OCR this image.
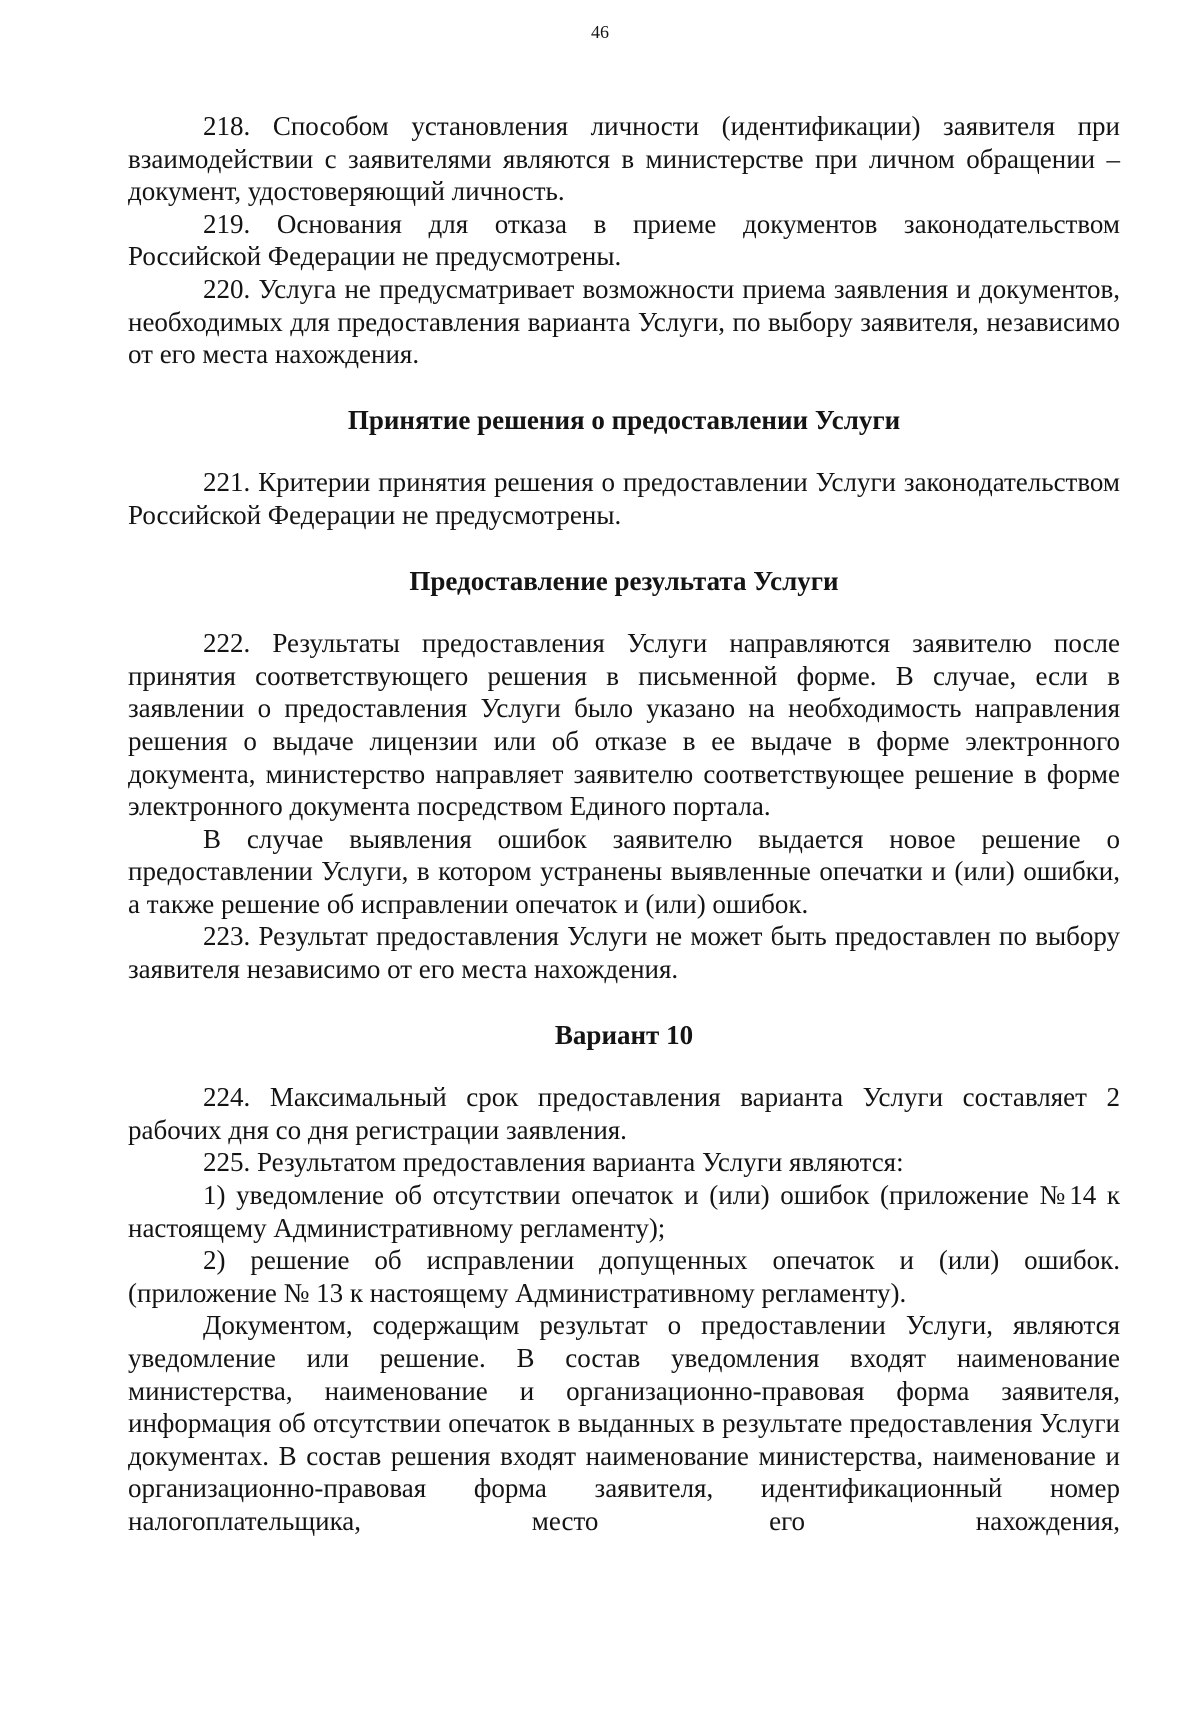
46

218. Способом установления личности (идентификации) заявителя при взаимодействии с заявителями являются в министерстве при личном обращении – документ, удостоверяющий личность.

219. Основания для отказа в приеме документов законодательством Российской Федерации не предусмотрены.

220. Услуга не предусматривает возможности приема заявления и документов, необходимых для предоставления варианта Услуги, по выбору заявителя, независимо от его места нахождения.

Принятие решения о предоставлении Услуги

221. Критерии принятия решения о предоставлении Услуги законодательством Российской Федерации не предусмотрены.

Предоставление результата Услуги

222. Результаты предоставления Услуги направляются заявителю после принятия соответствующего решения в письменной форме. В случае, если в заявлении о предоставления Услуги было указано на необходимость направления решения о выдаче лицензии или об отказе в ее выдаче в форме электронного документа, министерство направляет заявителю соответствующее решение в форме электронного документа посредством Единого портала.

В случае выявления ошибок заявителю выдается новое решение о предоставлении Услуги, в котором устранены выявленные опечатки и (или) ошибки, а также решение об исправлении опечаток и (или) ошибок.

223. Результат предоставления Услуги не может быть предоставлен по выбору заявителя независимо от его места нахождения.

Вариант 10

224. Максимальный срок предоставления варианта Услуги составляет 2 рабочих дня со дня регистрации заявления.

225. Результатом предоставления варианта Услуги являются:

1) уведомление об отсутствии опечаток и (или) ошибок (приложение №14 к настоящему Административному регламенту);

2) решение об исправлении допущенных опечаток и (или) ошибок. (приложение № 13 к настоящему Административному регламенту).

Документом, содержащим результат о предоставлении Услуги, являются уведомление или решение. В состав уведомления входят наименование министерства, наименование и организационно-правовая форма заявителя, информация об отсутствии опечаток в выданных в результате предоставления Услуги документах. В состав решения входят наименование министерства, наименование и организационно-правовая форма заявителя, идентификационный номер налогоплательщика, место его нахождения,
